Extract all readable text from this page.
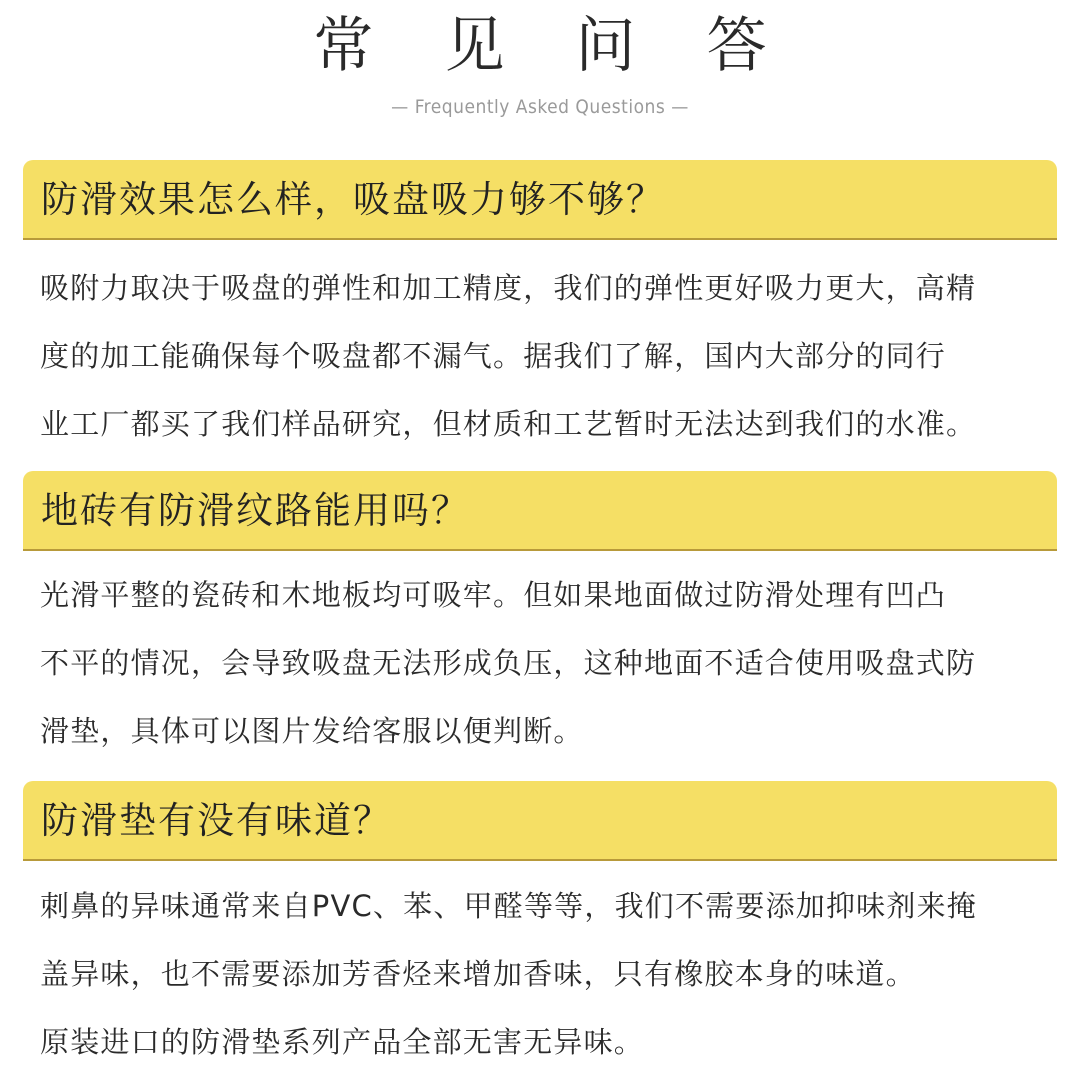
常 见 问 答
— Frequently Asked Questions —
防滑效果怎么样，吸盘吸力够不够？
吸附力取决于吸盘的弹性和加工精度，我们的弹性更好吸力更大，高精
度的加工能确保每个吸盘都不漏气。据我们了解，国内大部分的同行
业工厂都买了我们样品研究，但材质和工艺暂时无法达到我们的水准。
地砖有防滑纹路能用吗？
光滑平整的瓷砖和木地板均可吸牢。但如果地面做过防滑处理有凹凸
不平的情况，会导致吸盘无法形成负压，这种地面不适合使用吸盘式防
滑垫，具体可以图片发给客服以便判断。
防滑垫有没有味道？
刺鼻的异味通常来自PVC、苯、甲醛等等，我们不需要添加抑味剂来掩
盖异味，也不需要添加芳香烃来增加香味，只有橡胶本身的味道。
原装进口的防滑垫系列产品全部无害无异味。
